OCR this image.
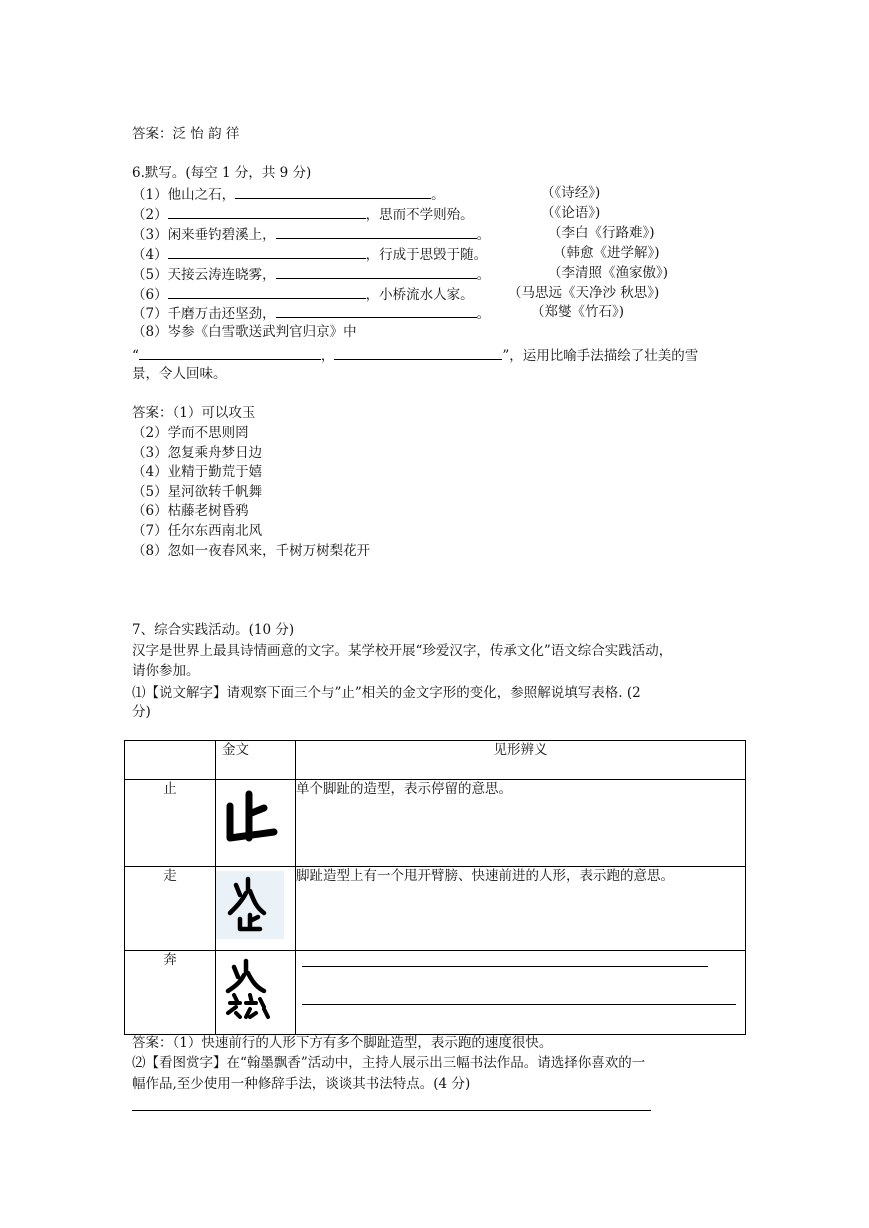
答案：泛 怡 韵 徉
6.默写。(每空 1 分，共 9 分)
（1）他山之石，	。	（《诗经》)
（2）	，思而不学则殆。	（《论语》)
（3）闲来垂钓碧溪上，	。	（李白《行路难》)
（4）	，行成于思毁于随。	（韩愈《进学解》)
（5）天接云涛连晓雾，	。	（李清照《渔家傲》)
（6）	，小桥流水人家。	（马思远《天净沙 秋思》)
（7）千磨万击还坚劲，	。	（郑燮《竹石》)
（8）岑参《白雪歌送武判官归京》中
“	，	”，运用比喻手法描绘了壮美的雪
景，令人回味。
答案：（1）可以攻玉
（2）学而不思则罔
（3）忽复乘舟梦日边
（4）业精于勤荒于嬉
（5）星河欲转千帆舞
（6）枯藤老树昏鸦
（7）任尔东西南北风
（8）忽如一夜春风来，千树万树梨花开
7、综合实践活动。(10 分)
汉字是世界上最具诗情画意的文字。某学校开展“珍爱汉字，传承文化”语文综合实践活动，
请你参加。
⑴【说文解字】请观察下面三个与”止”相关的金文字形的变化，参照解说填写表格. (2
分)
	金文	见形辨义
止		单个脚趾的造型，表示停留的意思。
走		脚趾造型上有一个甩开臂膀、快速前进的人形，表示跑的意思。
奔	

答案：（1）快速前行的人形下方有多个脚趾造型，表示跑的速度很快。
⑵【看图赏字】在“翰墨飘香”活动中，主持人展示出三幅书法作品。请选择你喜欢的一
幅作品,至少使用一种修辞手法，谈谈其书法特点。(4 分)
